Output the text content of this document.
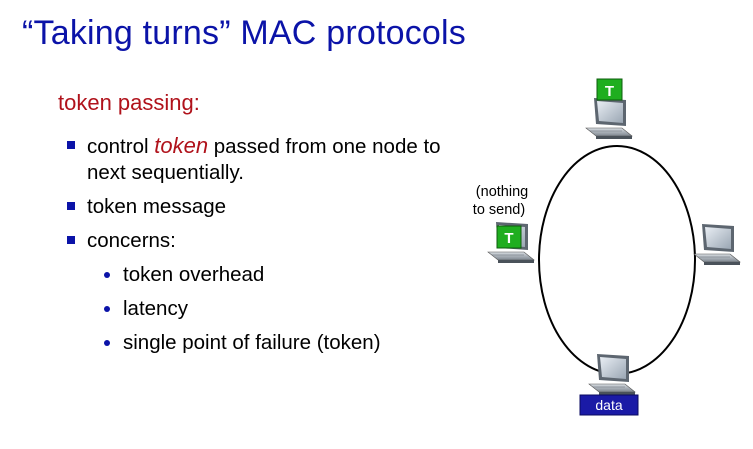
“Taking turns” MAC protocols
token passing:
control token passed from one node to next sequentially.
token message
concerns:
token overhead
latency
single point of failure (token)
T
T
(nothing
to send)
data
